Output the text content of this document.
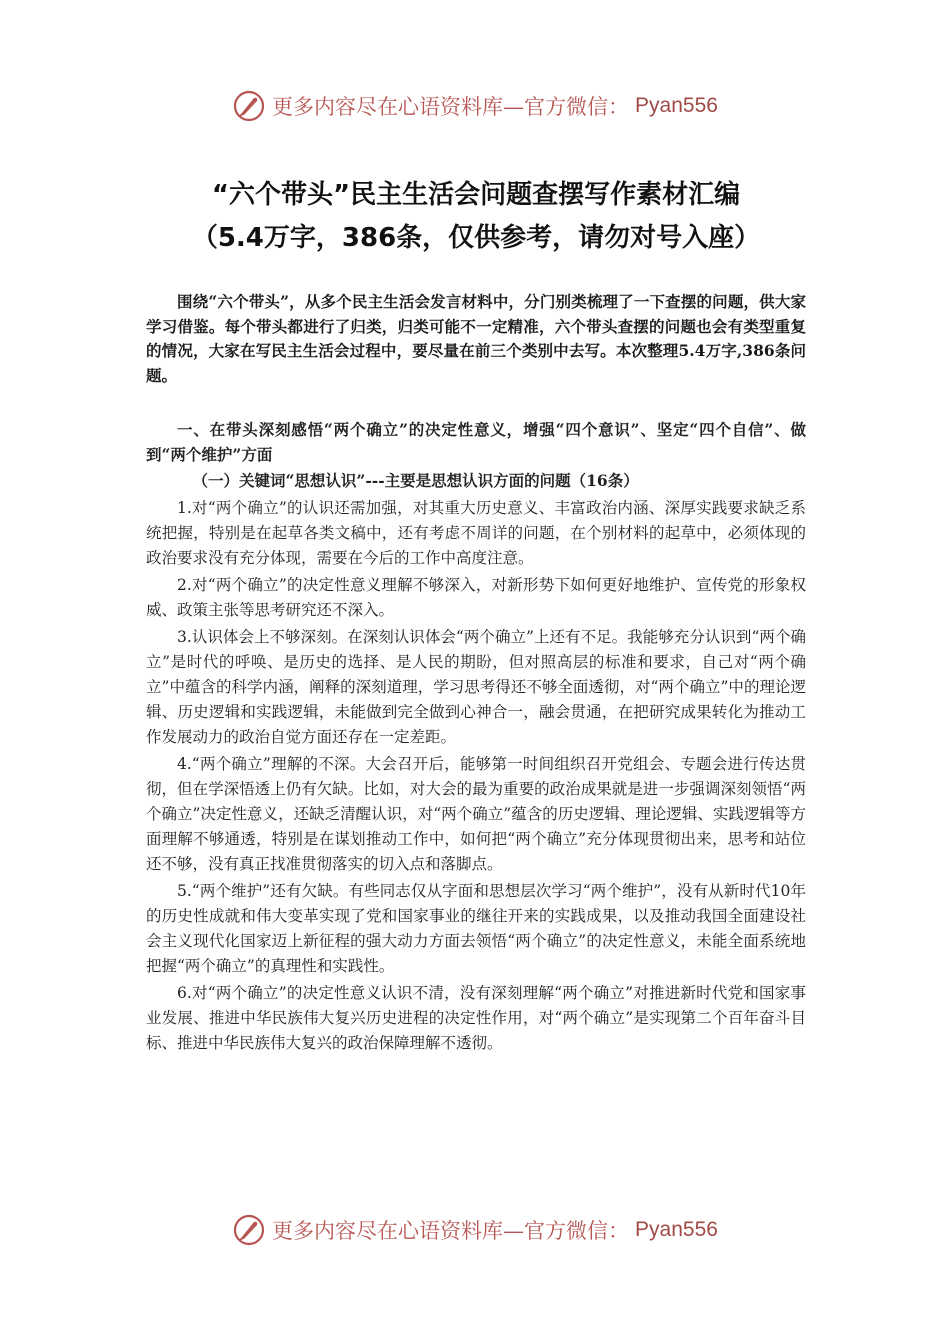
更多内容尽在心语资料库—官方微信： Pyan556
“六个带头”民主生活会问题查摆写作素材汇编
（5.4万字，386条，仅供参考，请勿对号入座）

围绕“六个带头”，从多个民主生活会发言材料中，分门别类梳理了一下查摆的问题，供大家学习借鉴。每个带头都进行了归类，归类可能不一定精准，六个带头查摆的问题也会有类型重复的情况，大家在写民主生活会过程中，要尽量在前三个类别中去写。本次整理5.4万字,386条问题。

一、在带头深刻感悟“两个确立”的决定性意义，增强“四个意识”、坚定“四个自信”、做到“两个维护”方面
（一）关键词“思想认识”---主要是思想认识方面的问题（16条）

1.对“两个确立”的认识还需加强，对其重大历史意义、丰富政治内涵、深厚实践要求缺乏系统把握，特别是在起草各类文稿中，还有考虑不周详的问题，在个别材料的起草中，必须体现的政治要求没有充分体现，需要在今后的工作中高度注意。

2.对“两个确立”的决定性意义理解不够深入，对新形势下如何更好地维护、宣传党的形象权威、政策主张等思考研究还不深入。

3.认识体会上不够深刻。在深刻认识体会“两个确立”上还有不足。我能够充分认识到“两个确立”是时代的呼唤、是历史的选择、是人民的期盼，但对照高层的标准和要求，自己对“两个确立”中蕴含的科学内涵，阐释的深刻道理，学习思考得还不够全面透彻，对“两个确立”中的理论逻辑、历史逻辑和实践逻辑，未能做到完全做到心神合一，融会贯通，在把研究成果转化为推动工作发展动力的政治自觉方面还存在一定差距。

4.“两个确立”理解的不深。大会召开后，能够第一时间组织召开党组会、专题会进行传达贯彻，但在学深悟透上仍有欠缺。比如，对大会的最为重要的政治成果就是进一步强调深刻领悟“两个确立”决定性意义，还缺乏清醒认识，对“两个确立”蕴含的历史逻辑、理论逻辑、实践逻辑等方面理解不够通透，特别是在谋划推动工作中，如何把“两个确立”充分体现贯彻出来，思考和站位还不够，没有真正找准贯彻落实的切入点和落脚点。

5.“两个维护”还有欠缺。有些同志仅从字面和思想层次学习“两个维护”，没有从新时代10年的历史性成就和伟大变革实现了党和国家事业的继往开来的实践成果，以及推动我国全面建设社会主义现代化国家迈上新征程的强大动力方面去领悟“两个确立”的决定性意义，未能全面系统地把握“两个确立”的真理性和实践性。

6.对“两个确立”的决定性意义认识不清，没有深刻理解“两个确立”对推进新时代党和国家事业发展、推进中华民族伟大复兴历史进程的决定性作用，对“两个确立”是实现第二个百年奋斗目标、推进中华民族伟大复兴的政治保障理解不透彻。

更多内容尽在心语资料库—官方微信： Pyan556
